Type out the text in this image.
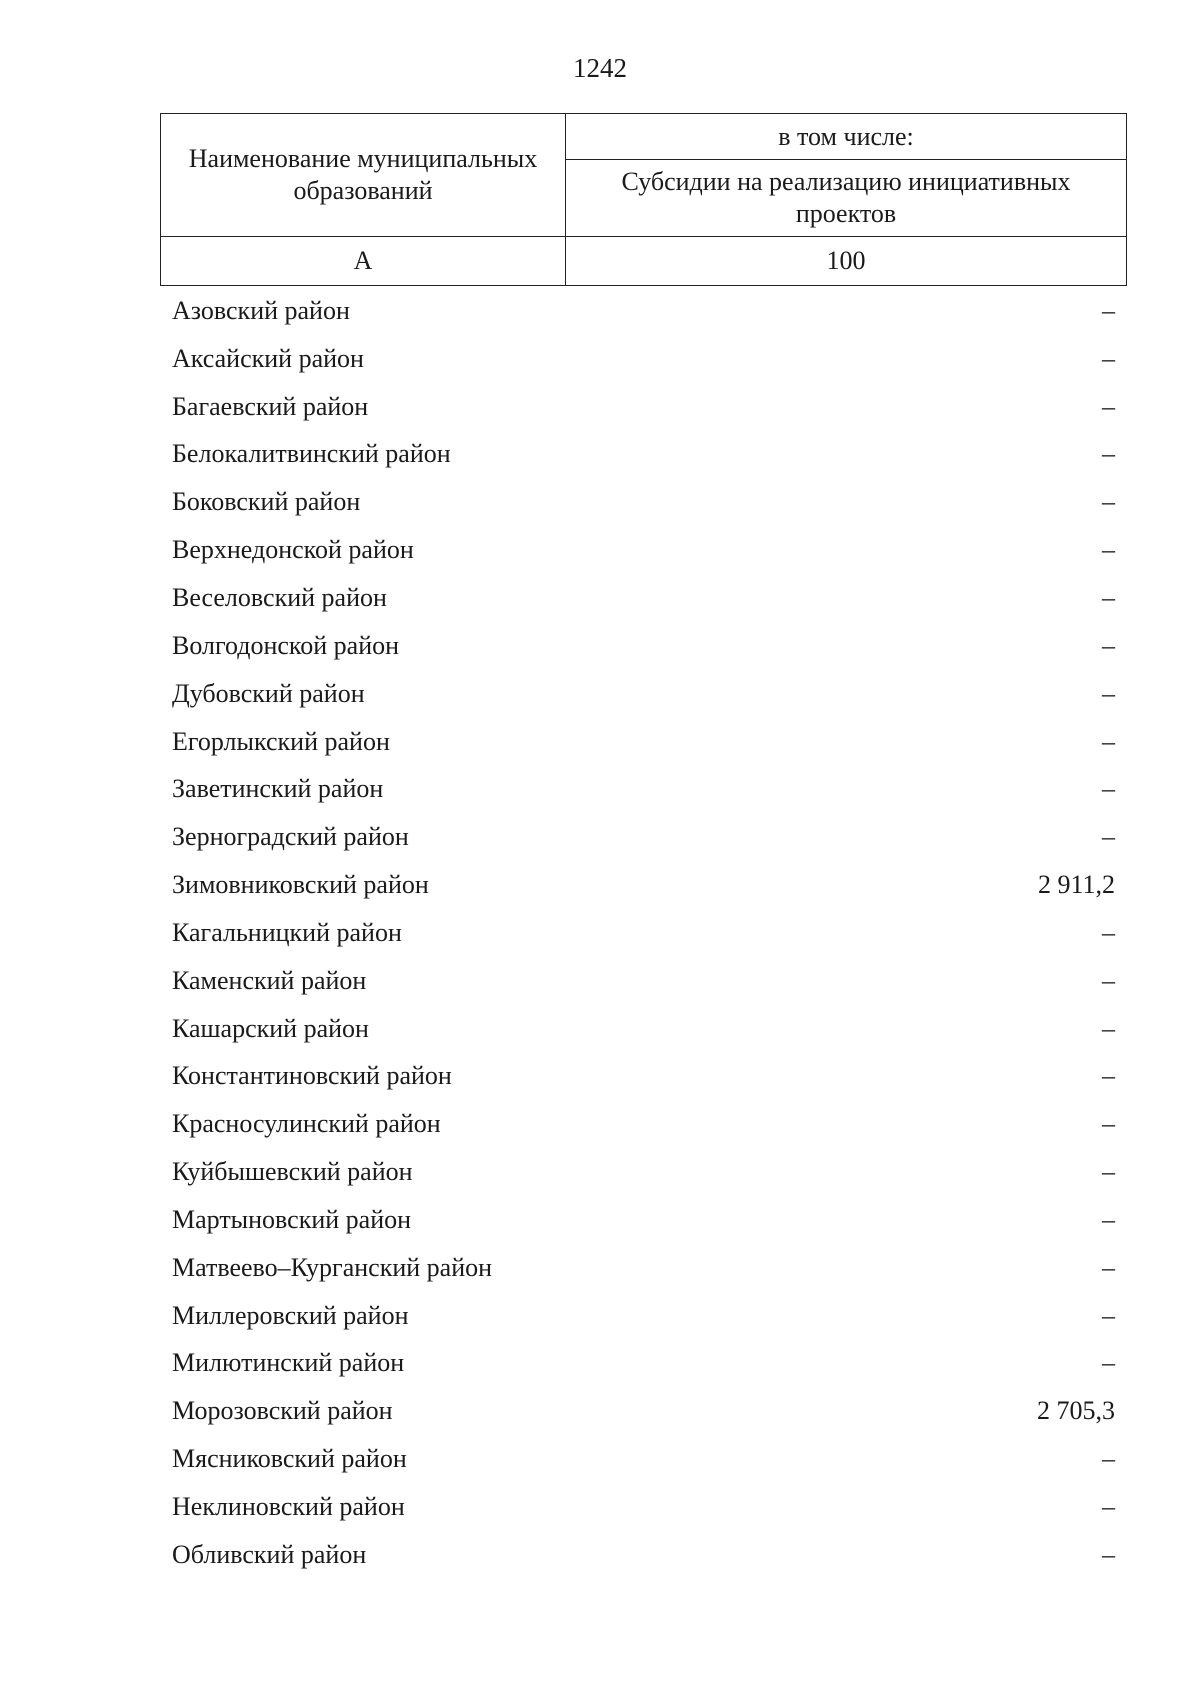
1242
Наименование муниципальных образований	в том числе:
	Субсидии на реализацию инициативных проектов
А	100
Азовский район	–
Аксайский район	–
Багаевский район	–
Белокалитвинский район	–
Боковский район	–
Верхнедонской район	–
Веселовский район	–
Волгодонской район	–
Дубовский район	–
Егорлыкский район	–
Заветинский район	–
Зерноградский район	–
Зимовниковский район	2 911,2
Кагальницкий район	–
Каменский район	–
Кашарский район	–
Константиновский район	–
Красносулинский район	–
Куйбышевский район	–
Мартыновский район	–
Матвеево–Курганский район	–
Миллеровский район	–
Милютинский район	–
Морозовский район	2 705,3
Мясниковский район	–
Неклиновский район	–
Обливский район	–
